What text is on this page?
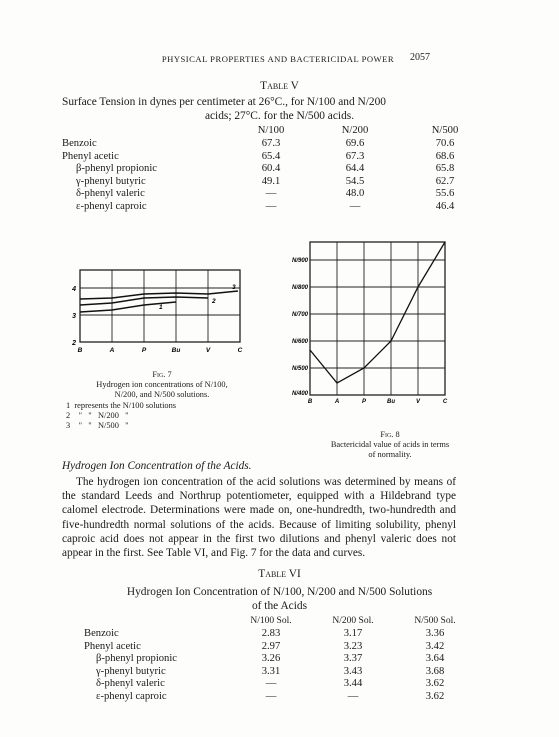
PHYSICAL PROPERTIES AND BACTERICIDAL POWER	2057
Table V
Surface Tension in dynes per centimeter at 26°C., for N/100 and N/200
acids; 27°C. for the N/500 acids.
N/100	N/200	N/500
Benzoic	67.3	69.6	70.6
Phenyl acetic	65.4	67.3	68.6
β-phenyl propionic	60.4	64.4	65.8
γ-phenyl butyric	49.1	54.5	62.7
δ-phenyl valeric	—	48.0	55.6
ε-phenyl caproic	—	—	46.4
4
3
2
1
2
3
B	A	P	Bu	V	C
Fig. 7
Hydrogen ion concentrations of N/100,
N/200, and N/500 solutions.
1 represents the N/100 solutions
2 "   "   N/200   "
3 "   "   N/500   "
N/900
N/800
N/700
N/600
N/500
N/400
B	A	P	Bu	V	C
Fig. 8
Bactericidal value of acids in terms
of normality.
Hydrogen Ion Concentration of the Acids.
The hydrogen ion concentration of the acid solutions was determined by means of the standard Leeds and Northrup potentiometer, equipped with a Hildebrand type calomel electrode. Determinations were made on, one-hundredth, two-hundredth and five-hundredth normal solutions of the acids. Because of limiting solubility, phenyl caproic acid does not appear in the first two dilutions and phenyl valeric does not appear in the first. See Table VI, and Fig. 7 for the data and curves.
Table VI
Hydrogen Ion Concentration of N/100, N/200 and N/500 Solutions
of the Acids
N/100 Sol.	N/200 Sol.	N/500 Sol.
Benzoic	2.83	3.17	3.36
Phenyl acetic	2.97	3.23	3.42
β-phenyl propionic	3.26	3.37	3.64
γ-phenyl butyric	3.31	3.43	3.68
δ-phenyl valeric	—	3.44	3.62
ε-phenyl caproic	—	—	3.62
